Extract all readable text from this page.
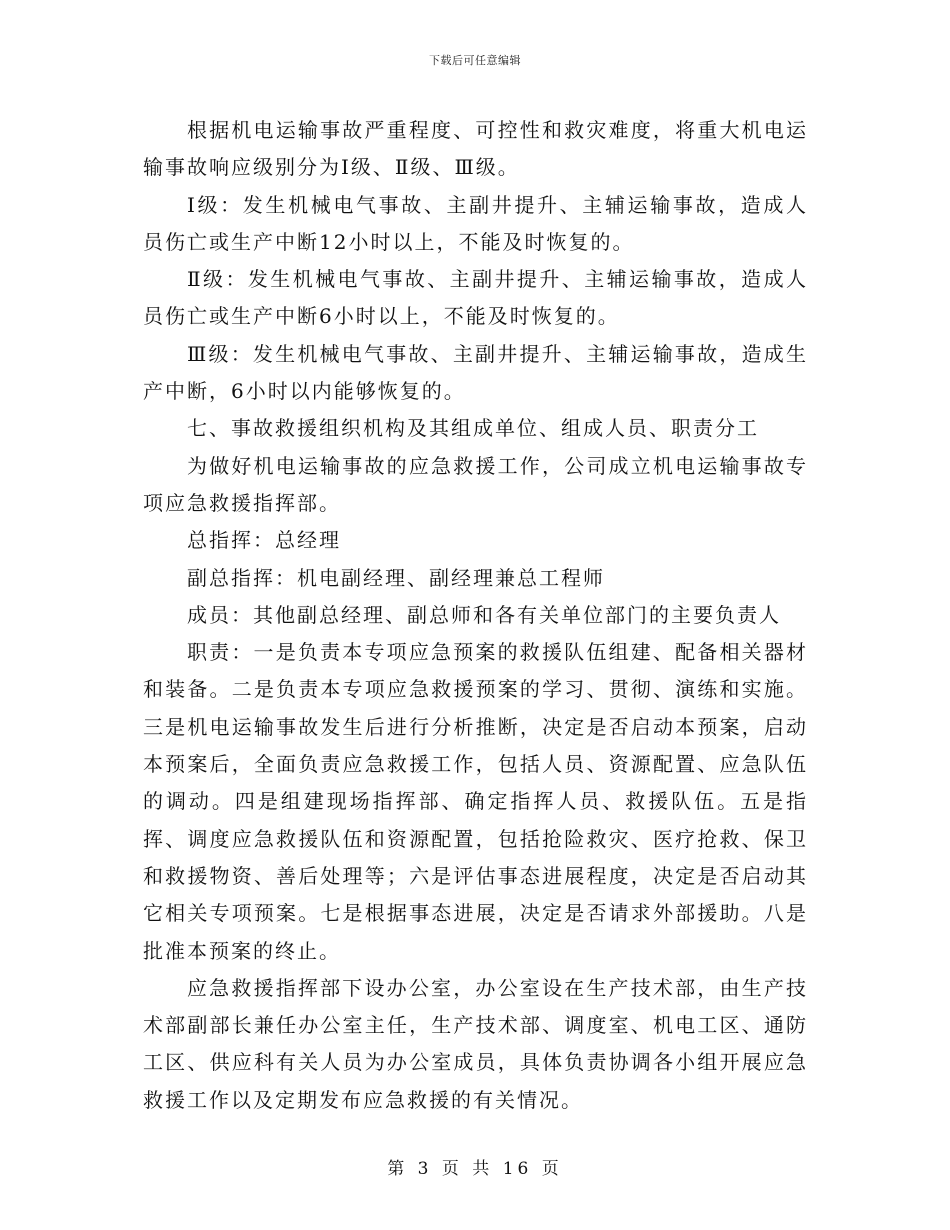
下载后可任意编辑

根据机电运输事故严重程度、可控性和救灾难度，将重大机电运输事故响应级别分为Ⅰ级、Ⅱ级、Ⅲ级。

Ⅰ级：发生机械电气事故、主副井提升、主辅运输事故，造成人员伤亡或生产中断12小时以上，不能及时恢复的。

Ⅱ级：发生机械电气事故、主副井提升、主辅运输事故，造成人员伤亡或生产中断6小时以上，不能及时恢复的。

Ⅲ级：发生机械电气事故、主副井提升、主辅运输事故，造成生产中断，6小时以内能够恢复的。

七、事故救援组织机构及其组成单位、组成人员、职责分工

为做好机电运输事故的应急救援工作，公司成立机电运输事故专项应急救援指挥部。

总指挥：总经理

副总指挥：机电副经理、副经理兼总工程师

成员：其他副总经理、副总师和各有关单位部门的主要负责人

职责：一是负责本专项应急预案的救援队伍组建、配备相关器材和装备。二是负责本专项应急救援预案的学习、贯彻、演练和实施。三是机电运输事故发生后进行分析推断，决定是否启动本预案，启动本预案后，全面负责应急救援工作，包括人员、资源配置、应急队伍的调动。四是组建现场指挥部、确定指挥人员、救援队伍。五是指挥、调度应急救援队伍和资源配置，包括抢险救灾、医疗抢救、保卫和救援物资、善后处理等；六是评估事态进展程度，决定是否启动其它相关专项预案。七是根据事态进展，决定是否请求外部援助。八是批准本预案的终止。

应急救援指挥部下设办公室，办公室设在生产技术部，由生产技术部副部长兼任办公室主任，生产技术部、调度室、机电工区、通防工区、供应科有关人员为办公室成员，具体负责协调各小组开展应急救援工作以及定期发布应急救援的有关情况。

第 3 页 共 16 页
